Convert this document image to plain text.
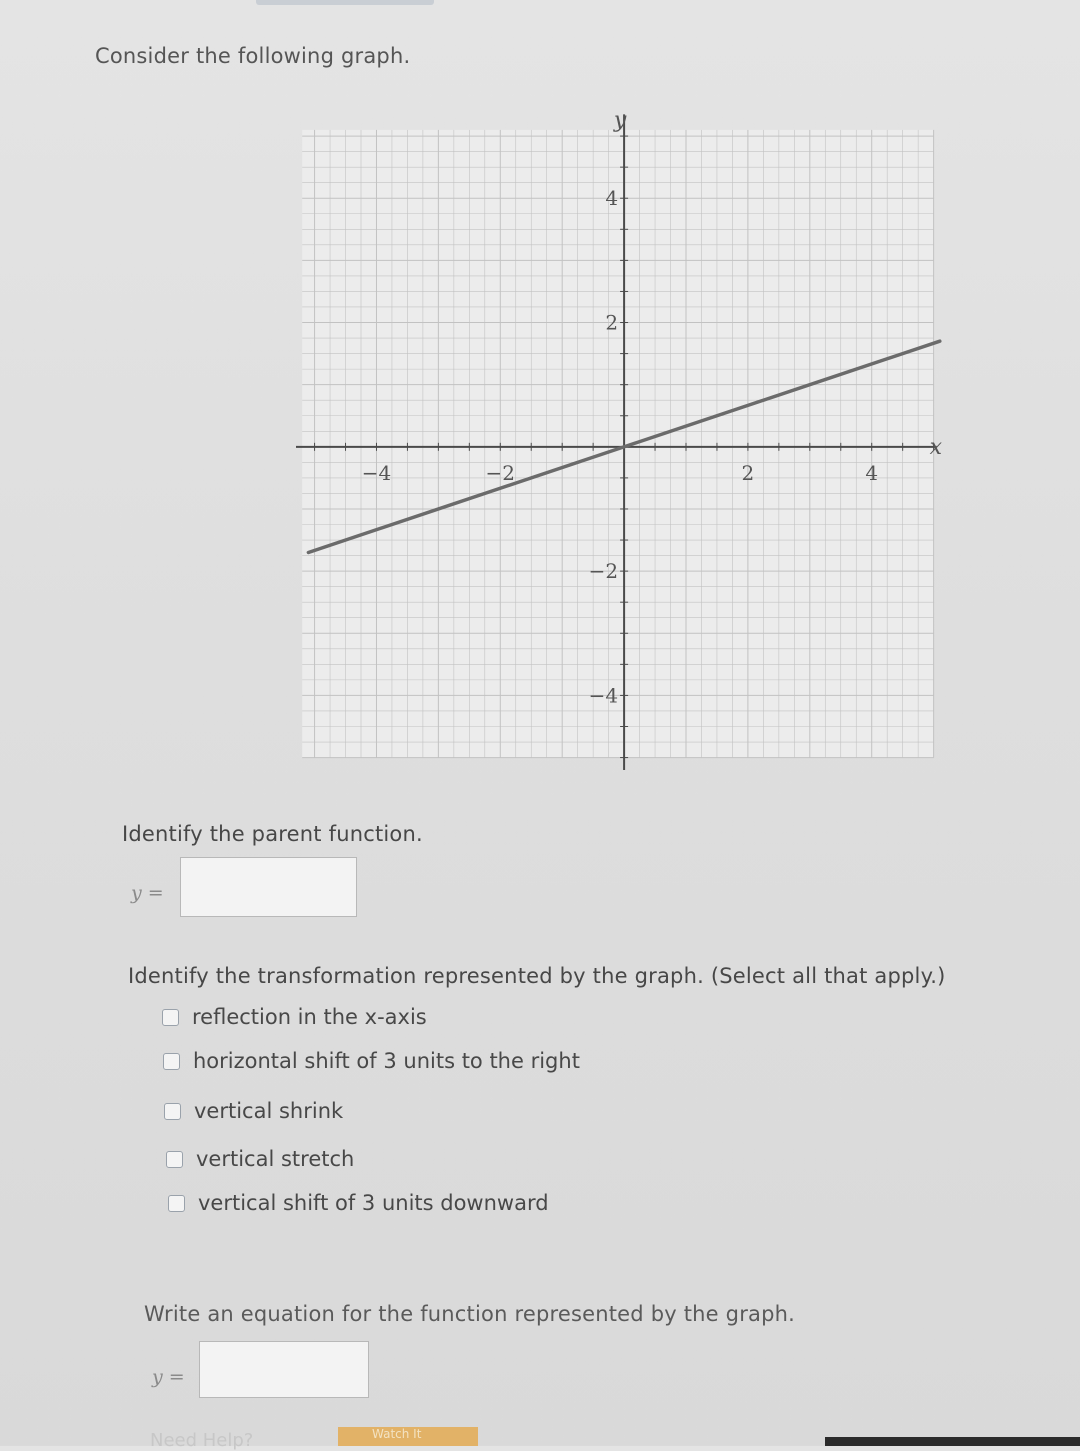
Consider the following graph.
−4	−2	2	4
4
2
−2
−4
x
y
Identify the parent function.
y =
Identify the transformation represented by the graph. (Select all that apply.)
reflection in the x-axis
horizontal shift of 3 units to the right
vertical shrink
vertical stretch
vertical shift of 3 units downward
Write an equation for the function represented by the graph.
y =
Need Help?	Watch It
